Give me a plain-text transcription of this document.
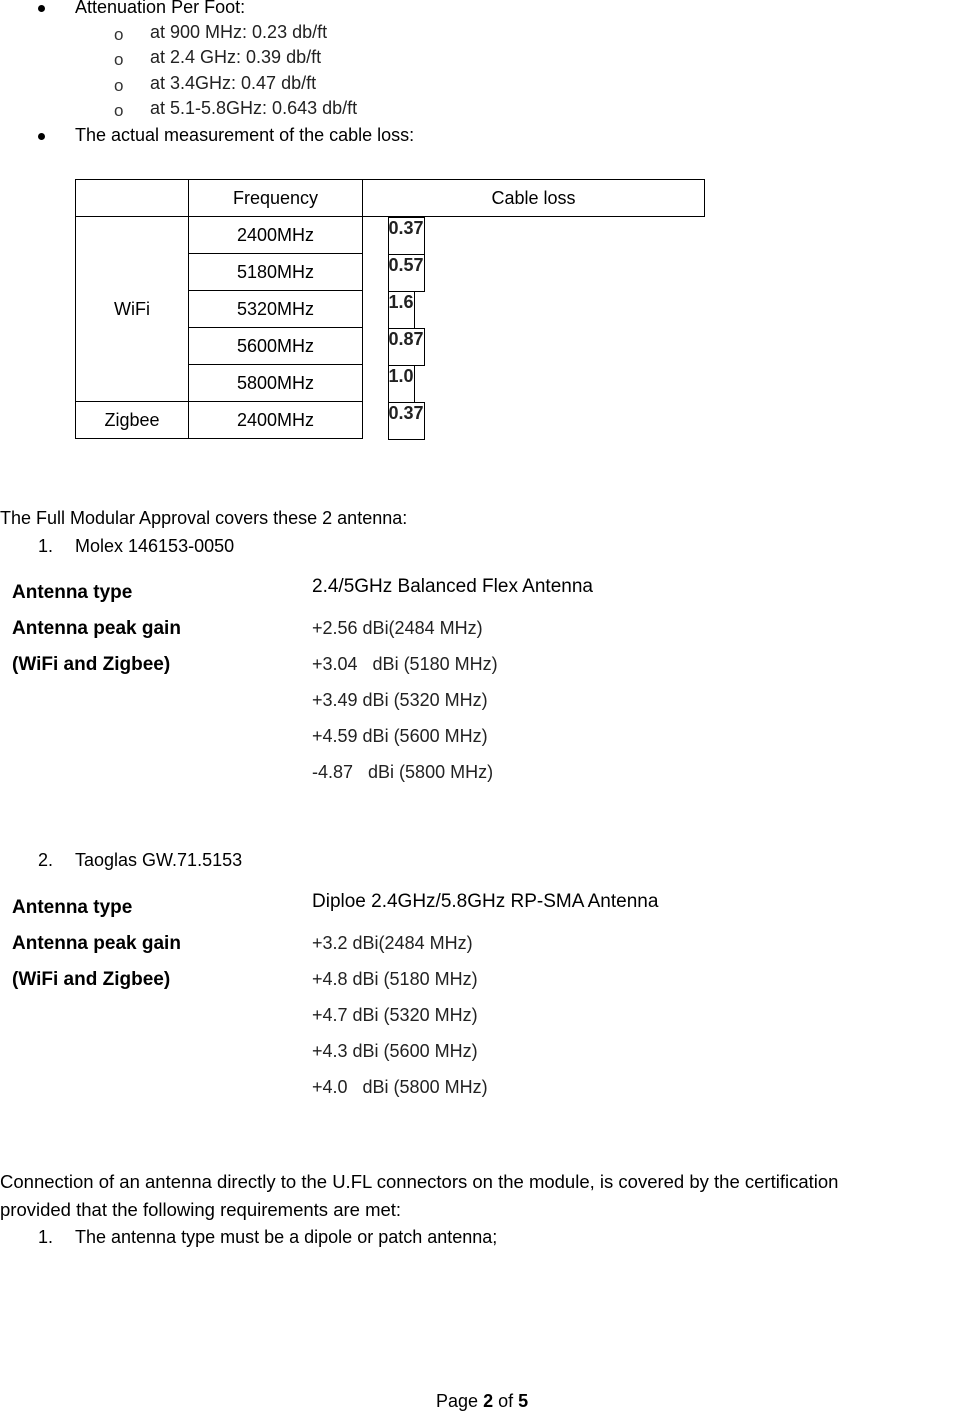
Attenuation Per Foot:
o at 900 MHz: 0.23 db/ft
o at 2.4 GHz: 0.39 db/ft
o at 3.4GHz: 0.47 db/ft
o at 5.1-5.8GHz: 0.643 db/ft
The actual measurement of the cable loss:
	Frequency	Cable loss
WiFi	2400MHz		0.37

	5180MHz		0.57

	5320MHz		1.6

	5600MHz		0.87

	5800MHz		1.0

Zigbee	2400MHz		0.37
The Full Modular Approval covers these 2 antenna:
1. Molex 146153-0050
Antenna type	2.4/5GHz Balanced Flex Antenna
Antenna peak gain
(WiFi and Zigbee)
+2.56 dBi(2484 MHz)
+3.04   dBi (5180 MHz)
+3.49 dBi (5320 MHz)
+4.59 dBi (5600 MHz)
-4.87   dBi (5800 MHz)
2. Taoglas GW.71.5153
Antenna type	Diploe 2.4GHz/5.8GHz RP-SMA Antenna
Antenna peak gain
(WiFi and Zigbee)
+3.2 dBi(2484 MHz)
+4.8 dBi (5180 MHz)
+4.7 dBi (5320 MHz)
+4.3 dBi (5600 MHz)
+4.0   dBi (5800 MHz)
Connection of an antenna directly to the U.FL connectors on the module, is covered by the certification
provided that the following requirements are met:
1. The antenna type must be a dipole or patch antenna;
Page 2 of 5
